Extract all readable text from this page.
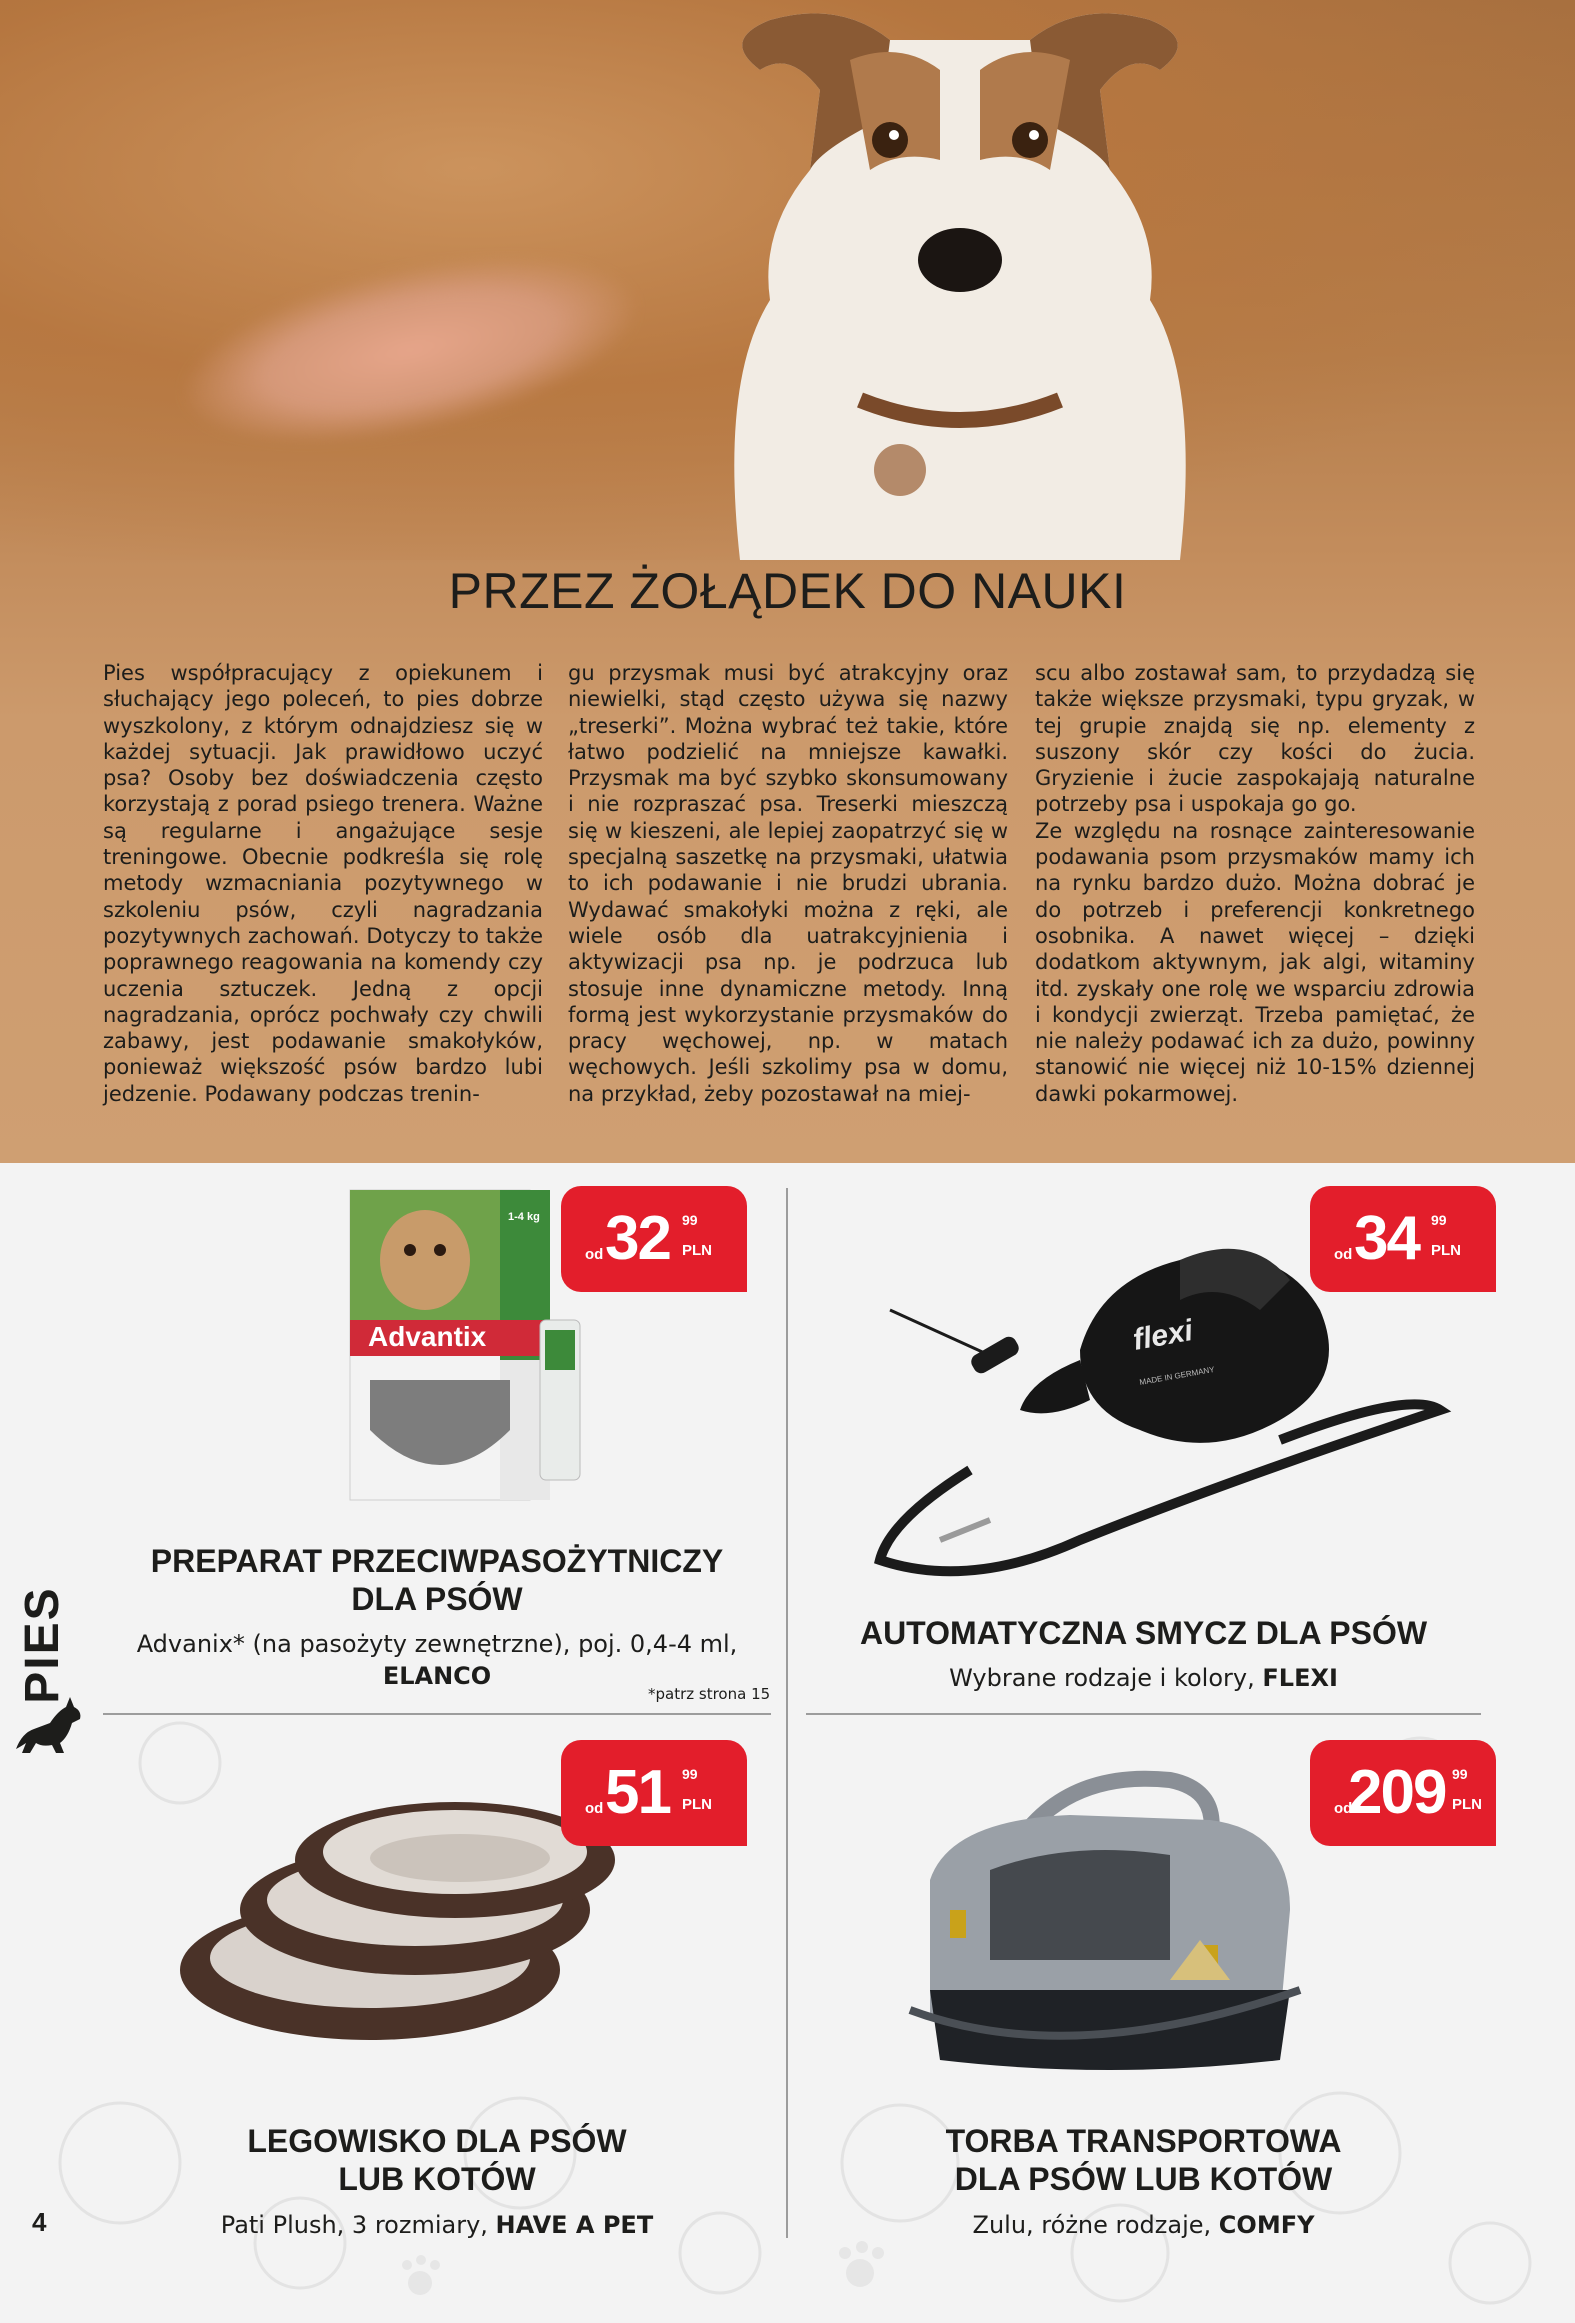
PRZEZ ŻOŁĄDEK DO NAUKI

Pies współpracujący z opiekunem i słuchający jego poleceń, to pies dobrze wyszkolony, z którym odnajdziesz się w każdej sytuacji. Jak prawidłowo uczyć psa? Osoby bez doświadczenia często korzystają z porad psiego trenera. Ważne są regularne i angażujące sesje treningowe. Obecnie podkreśla się rolę metody wzmacniania pozytywnego w szkoleniu psów, czyli nagradzania pozytywnych zachowań. Dotyczy to także poprawnego reagowania na komendy czy uczenia sztuczek. Jedną z opcji nagradzania, oprócz pochwały czy chwili zabawy, jest podawanie smakołyków, ponieważ większość psów bardzo lubi jedzenie. Podawany podczas trenin-

gu przysmak musi być atrakcyjny oraz niewielki, stąd często używa się nazwy „treserki”. Można wybrać też takie, które łatwo podzielić na mniejsze kawałki. Przysmak ma być szybko skonsumowany i nie rozpraszać psa. Treserki mieszczą się w kieszeni, ale lepiej zaopatrzyć się w specjalną saszetkę na przysmaki, ułatwia to ich podawanie i nie brudzi ubrania. Wydawać smakołyki można z ręki, ale wiele osób dla uatrakcyjnienia i aktywizacji psa np. je podrzuca lub stosuje inne dynamiczne metody. Inną formą jest wykorzystanie przysmaków do pracy węchowej, np. w matach węchowych. Jeśli szkolimy psa w domu, na przykład, żeby pozostawał na miej-

scu albo zostawał sam, to przydadzą się także większe przysmaki, typu gryzak, w tej grupie znajdą się np. elementy z suszony skór czy kości do żucia. Gryzienie i żucie zaspokajają naturalne potrzeby psa i uspokaja go go.

Ze względu na rosnące zainteresowanie podawania psom przysmaków mamy ich na rynku bardzo dużo. Można dobrać je do potrzeb i preferencji konkretnego osobnika. A nawet więcej – dzięki dodatkom aktywnym, jak algi, witaminy itd. zyskały one rolę we wsparciu zdrowia i kondycji zwierząt. Trzeba pamiętać, że nie należy podawać ich za dużo, powinny stanowić nie więcej niż 10-15% dziennej dawki pokarmowej.

PIES
4
Advantix
1-4 kg
od 32 99
PLN
PREPARAT PRZECIWPASOŻYTNICZY
DLA PSÓW
Advanix* (na pasożyty zewnętrzne), poj. 0,4-4 ml,
ELANCO
*patrz strona 15
flexi
MADE IN GERMANY
od 34 99
PLN
AUTOMATYCZNA SMYCZ DLA PSÓW
Wybrane rodzaje i kolory, FLEXI
od 51 99
PLN
LEGOWISKO DLA PSÓW
LUB KOTÓW
Pati Plush, 3 rozmiary, HAVE A PET
od
209 99
PLN
TORBA TRANSPORTOWA
DLA PSÓW LUB KOTÓW
Zulu, różne rodzaje, COMFY
